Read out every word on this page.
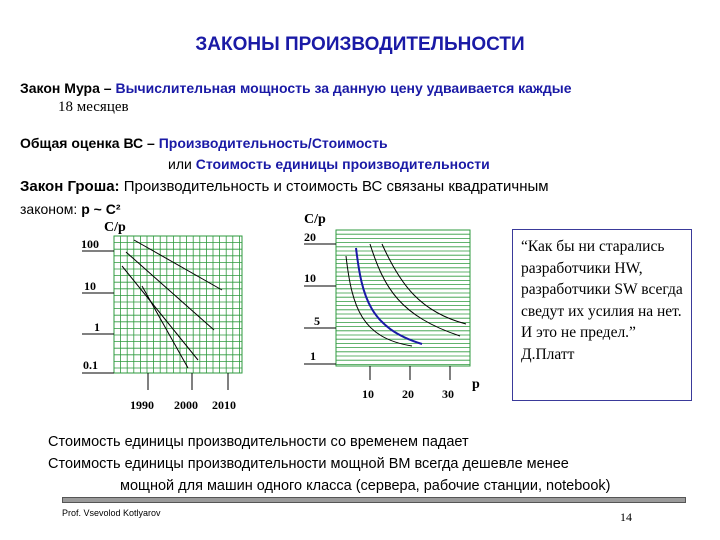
ЗАКОНЫ ПРОИЗВОДИТЕЛЬНОСТИ
Закон Мура – Вычислительная мощность за данную цену удваивается каждые
18 месяцев
Общая оценка ВС – Производительность/Стоимость
или Стоимость единицы производительности
Закон Гроша: Производительность и стоимость ВС связаны квадратичным
законом: p ~ C²
C/p
100
10
1
0.1
1990 2000 2010
C/p
20
10
5
1
10 20 30
p
“Как бы ни старались разработчики HW, разработчики SW всегда сведут их усилия на нет. И это не предел.” Д.Платт
Стоимость единицы производительности со временем падает
Стоимость единицы производительности мощной ВМ всегда дешевле менее
мощной для машин одного класса (сервера, рабочие станции, notebook)
Prof. Vsevolod Kotlyarov	14
